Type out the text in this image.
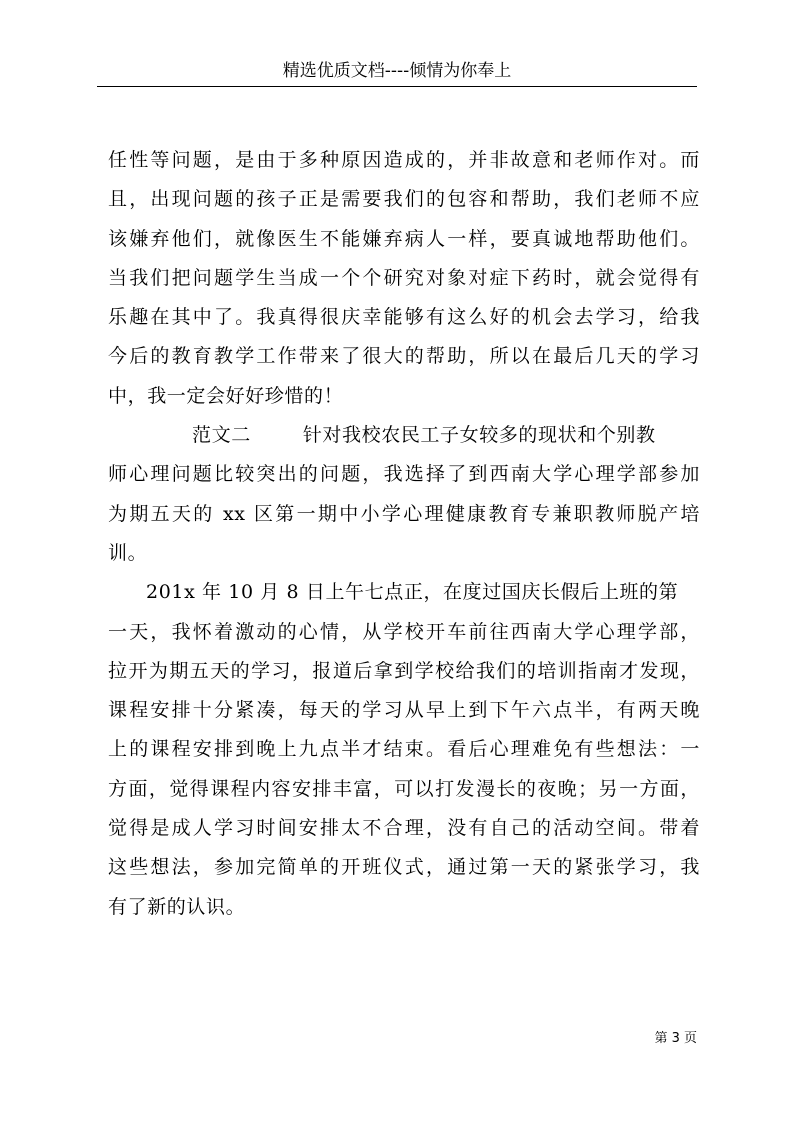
精选优质文档----倾情为你奉上
任性等问题，是由于多种原因造成的，并非故意和老师作对。而
且，出现问题的孩子正是需要我们的包容和帮助，我们老师不应
该嫌弃他们，就像医生不能嫌弃病人一样，要真诚地帮助他们。
当我们把问题学生当成一个个研究对象对症下药时，就会觉得有
乐趣在其中了。我真得很庆幸能够有这么好的机会去学习，给我
今后的教育教学工作带来了很大的帮助，所以在最后几天的学习
中，我一定会好好珍惜的！
范文二	针对我校农民工子女较多的现状和个别教
师心理问题比较突出的问题，我选择了到西南大学心理学部参加
为期五天的 xx 区第一期中小学心理健康教育专兼职教师脱产培
训。
201x 年 10 月 8 日上午七点正，在度过国庆长假后上班的第
一天，我怀着激动的心情，从学校开车前往西南大学心理学部，
拉开为期五天的学习，报道后拿到学校给我们的培训指南才发现，
课程安排十分紧凑，每天的学习从早上到下午六点半，有两天晚
上的课程安排到晚上九点半才结束。看后心理难免有些想法：一
方面，觉得课程内容安排丰富，可以打发漫长的夜晚；另一方面，
觉得是成人学习时间安排太不合理，没有自己的活动空间。带着
这些想法，参加完简单的开班仪式，通过第一天的紧张学习，我
有了新的认识。
第 3 页
